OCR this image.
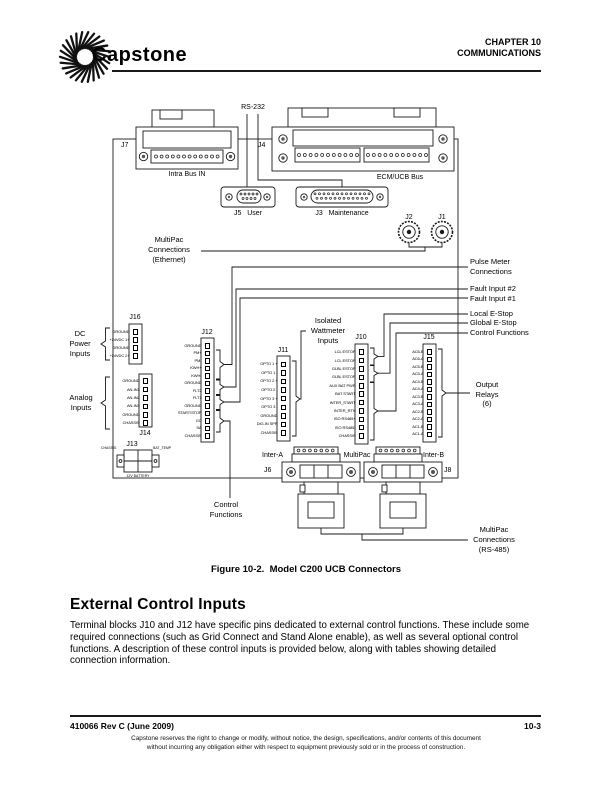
Capstone
CHAPTER 10
COMMUNICATIONS
RS-232
J7
Intra Bus IN
J4
ECM/UCB Bus
J5   User	J3   Maintenance
J2	J1
MultiPac
Connections
(Ethernet)	Pulse Meter
Connections
Fault Input #2
Fault Input #1
Local E-Stop
Global E-Stop
Control Functions
Isolated
Wattmeter
Inputs
Output
Relays
(6)
DC
Power
Inputs
Analog
Inputs
J16
J12
J11
J10	J15
J14
J13
CHASSIS	BAT_TEMP
12V BATTERY
GROUND
+24VDC 1+
GROUND
+24VDC 2+
GROUND
AN-IN1
AN-IN2
AN-IN3
GROUND
CHASSIS
GROUND
PM+
PM-
KWH+
KWH-
GROUND
FLT2
FLT1
GROUND
START/STOP
GC
SA
CHASSIS
OPTO 1 +
OPTO 1 -
OPTO 2 +
OPTO 2 -
OPTO 3 +
OPTO 3 -
GROUND
DIG-IN SPR
CHASSIS
LCL ESTOP
LCL ESTOP
GLBL ESTOP
GLBL ESTOP
AUX BAT PWR
BAT START
INTER_START
INTER_RTN
ISO RS485+
ISO RS485-
CHASSIS
AC6-B
AC6-A
AC5-B
AC5-A
AC4-B
AC4-A
AC3-B
AC3-A
AC2-B
AC2-A
AC1-B
AC1-A
Inter-A
J6
MultiPac	Inter-B
J8
Control
Functions
MultiPac
Connections
(RS-485)
Figure 10-2.  Model C200 UCB Connectors
External Control Inputs
Terminal blocks J10 and J12 have specific pins dedicated to external control functions. These include some required connections (such as Grid Connect and Stand Alone enable), as well as several optional control functions. A description of these control inputs is provided below, along with tables showing detailed connection information.
410066 Rev C (June 2009)	10-3
Capstone reserves the right to change or modify, without notice, the design, specifications, and/or contents of this document
without incurring any obligation either with respect to equipment previously sold or in the process of construction.
